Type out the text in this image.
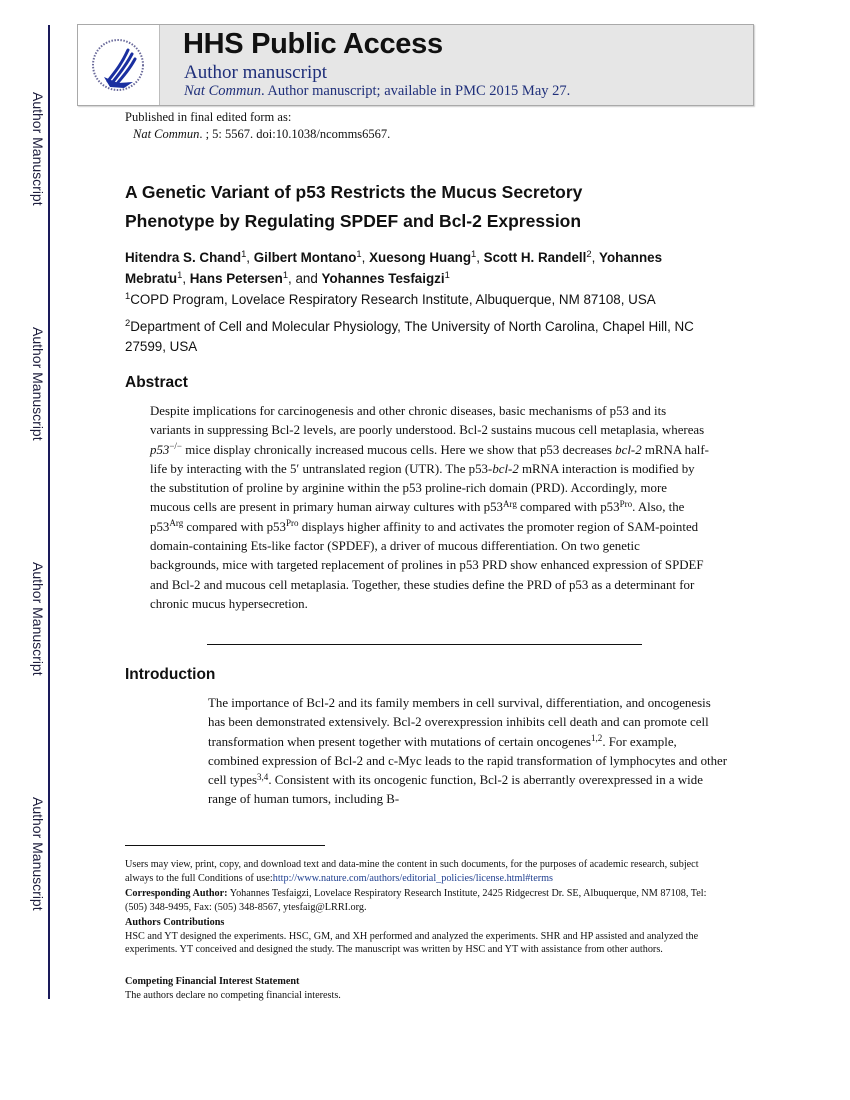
Author Manuscript
Author Manuscript
Author Manuscript
Author Manuscript
HHS Public Access
Author manuscript
Nat Commun. Author manuscript; available in PMC 2015 May 27.
Published in final edited form as:
Nat Commun. ; 5: 5567. doi:10.1038/ncomms6567.
A Genetic Variant of p53 Restricts the Mucus Secretory
Phenotype by Regulating SPDEF and Bcl-2 Expression
Hitendra S. Chand$^1$, Gilbert Montano$^1$, Xuesong Huang$^1$, Scott H. Randell$^2$, Yohannes Mebratu$^1$, Hans Petersen$^1$, and Yohannes Tesfaigzi$^1$
$^1$COPD Program, Lovelace Respiratory Research Institute, Albuquerque, NM 87108, USA
$^2$Department of Cell and Molecular Physiology, The University of North Carolina, Chapel Hill, NC 27599, USA
Abstract
Despite implications for carcinogenesis and other chronic diseases, basic mechanisms of p53 and its variants in suppressing Bcl-2 levels, are poorly understood. Bcl-2 sustains mucous cell metaplasia, whereas p53−/− mice display chronically increased mucous cells. Here we show that p53 decreases bcl-2 mRNA half-life by interacting with the 5′ untranslated region (UTR). The p53-bcl-2 mRNA interaction is modified by the substitution of proline by arginine within the p53 proline-rich domain (PRD). Accordingly, more mucous cells are present in primary human airway cultures with $p53^{Arg}$ compared with $p53^{Pro}$. Also, the $p53^{Arg}$ compared with $p53^{Pro}$ displays higher affinity to and activates the promoter region of SAM-pointed domain-containing Ets-like factor (SPDEF), a driver of mucous differentiation. On two genetic backgrounds, mice with targeted replacement of prolines in p53 PRD show enhanced expression of SPDEF and Bcl-2 and mucous cell metaplasia. Together, these studies define the PRD of p53 as a determinant for chronic mucus hypersecretion.
Introduction
The importance of Bcl-2 and its family members in cell survival, differentiation, and oncogenesis has been demonstrated extensively. Bcl-2 overexpression inhibits cell death and can promote cell transformation when present together with mutations of certain oncogenes$^{1,2}$. For example, combined expression of Bcl-2 and c-Myc leads to the rapid transformation of lymphocytes and other cell types$^{3,4}$. Consistent with its oncogenic function, Bcl-2 is aberrantly overexpressed in a wide range of human tumors, including B-
Users may view, print, copy, and download text and data-mine the content in such documents, for the purposes of academic research, subject always to the full Conditions of use:http://www.nature.com/authors/editorial_policies/license.html#terms
Corresponding Author: Yohannes Tesfaigzi, Lovelace Respiratory Research Institute, 2425 Ridgecrest Dr. SE, Albuquerque, NM 87108, Tel: (505) 348-9495, Fax: (505) 348-8567, ytesfaig@LRRI.org.
Authors Contributions
HSC and YT designed the experiments. HSC, GM, and XH performed and analyzed the experiments. SHR and HP assisted and analyzed the experiments. YT conceived and designed the study. The manuscript was written by HSC and YT with assistance from other authors.
Competing Financial Interest Statement
The authors declare no competing financial interests.
